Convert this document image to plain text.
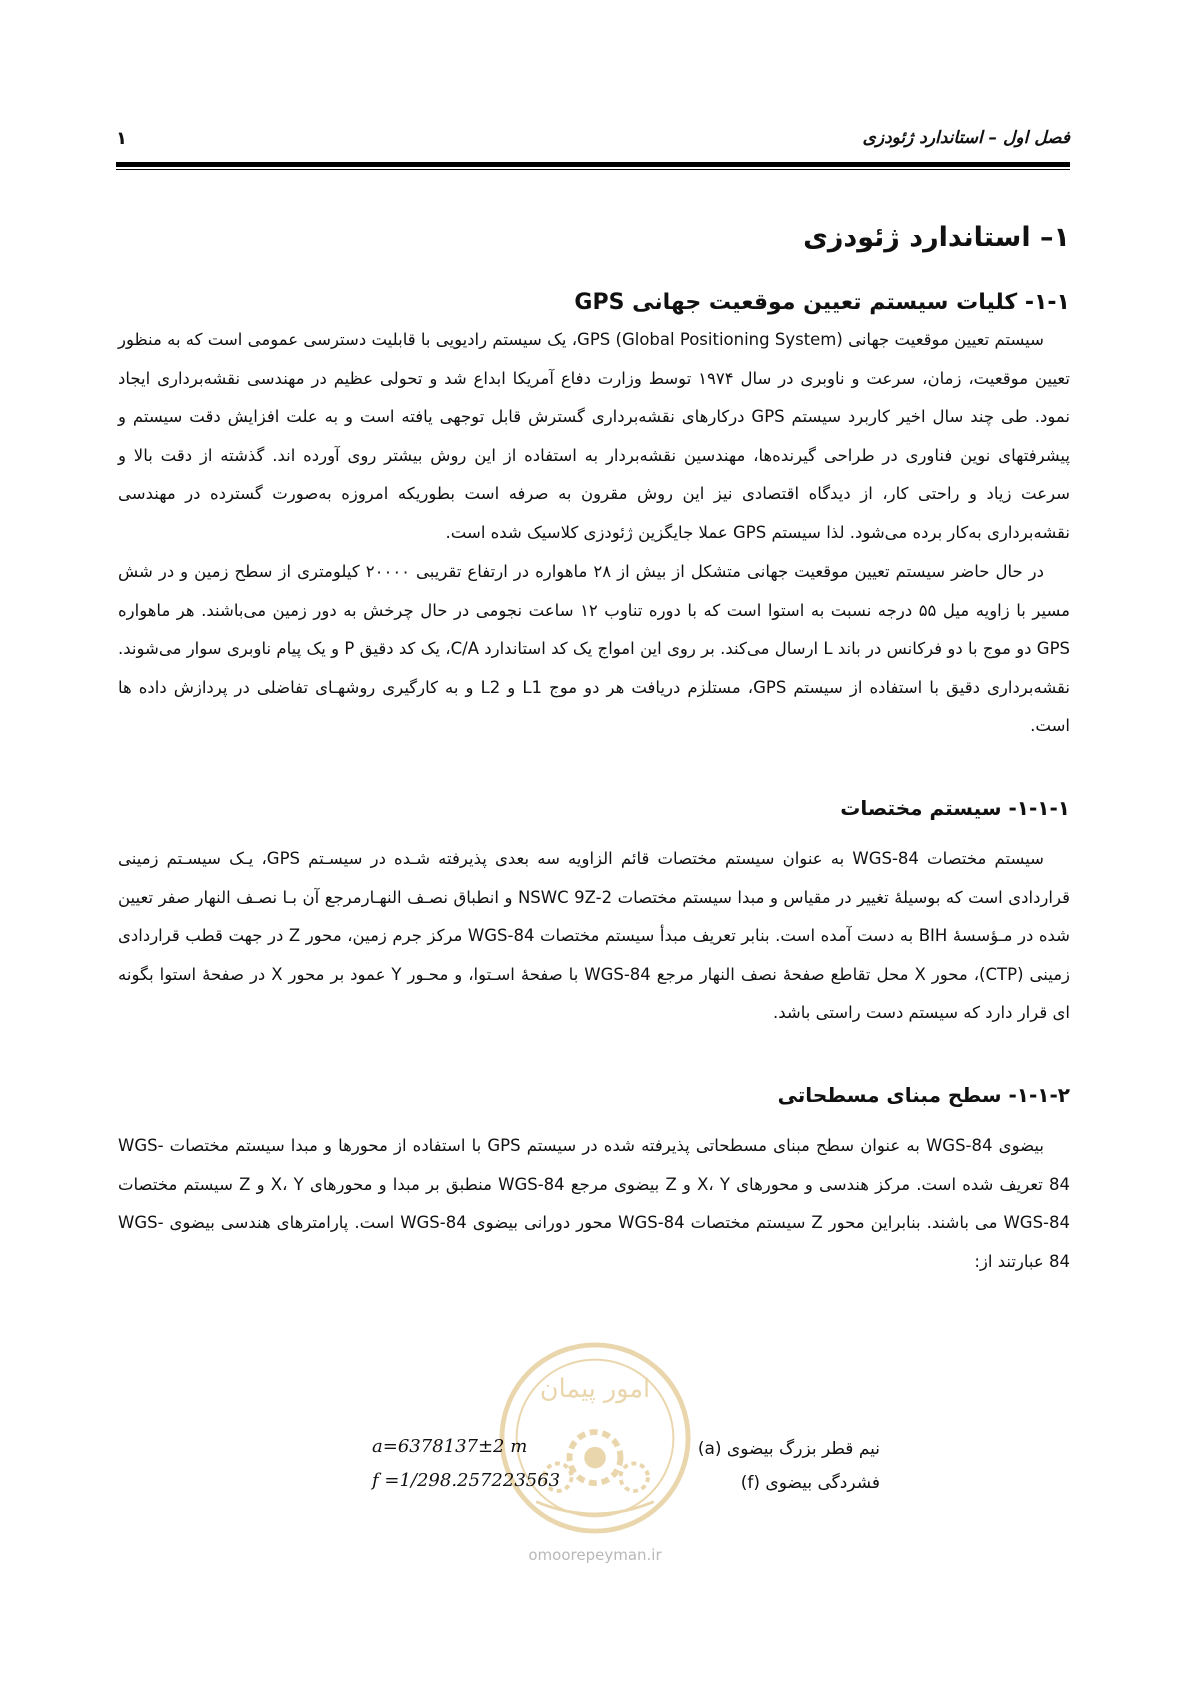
فصل اول – استاندارد ژئودزی
۱
۱– استاندارد ژئودزی
۱-۱- کلیات سیستم تعیین موقعیت جهانی GPS

سیستم تعیین موقعیت جهانی GPS (Global Positioning System)، یک سیستم رادیویی با قابلیت دسترسی عمومی است که به منظور تعیین موقعیت، زمان، سرعت و ناوبری در سال ۱۹۷۴ توسط وزارت دفاع آمریکا ابداع شد و تحولی عظیم در مهندسی نقشه‌برداری ایجاد نمود. طی چند سال اخیر کاربرد سیستم GPS درکارهای نقشه‌برداری گسترش قابل توجهی یافته است و به علت افزایش دقت سیستم و پیشرفتهای نوین فناوری در طراحی گیرنده‌ها، مهندسین نقشه‌بردار به استفاده از این روش بیشتر روی آورده اند. گذشته از دقت بالا و سرعت زیاد و راحتی کار، از دیدگاه اقتصادی نیز این روش مقرون به صرفه است بطوریکه امروزه به‌صورت گسترده در مهندسی نقشه‌برداری به‌کار برده می‌شود. لذا سیستم GPS عملا جایگزین ژئودزی کلاسیک شده است.

در حال حاضر سیستم تعیین موقعیت جهانی متشکل از بیش از ۲۸ ماهواره در ارتفاع تقریبی ۲۰۰۰۰ کیلومتری از سطح زمین و در شش مسیر با زاویه میل ۵۵ درجه نسبت به استوا است که با دوره تناوب ۱۲ ساعت نجومی در حال چرخش به دور زمین می‌باشند. هر ماهواره GPS دو موج با دو فرکانس در باند L ارسال می‌کند. بر روی این امواج یک کد استاندارد C/A، یک کد دقیق P و یک پیام ناوبری سوار می‌شوند. نقشه‌برداری دقیق با استفاده از سیستم GPS، مستلزم دریافت هر دو موج L1 و L2 و به کارگیری روشهـای تفاضلی در پردازش داده ها است.

۱-۱-۱- سیستم مختصات

سیستم مختصات WGS-84 به عنوان سیستم مختصات قائم الزاویه سه بعدی پذیرفته شـده در سیسـتم GPS، یـک سیسـتم زمینی قراردادی است که بوسیلهٔ تغییر در مقیاس و مبدا سیستم مختصات NSWC 9Z-2 و انطباق نصـف النهـارمرجع آن بـا نصـف النهار صفر تعیین شده در مـؤسسهٔ BIH به دست آمده است. بنابر تعریف مبدأ سیستم مختصات WGS-84 مرکز جرم زمین، محور Z در جهت قطب قراردادی زمینی (CTP)، محور X محل تقاطع صفحهٔ نصف النهار مرجع WGS-84 با صفحهٔ اسـتوا، و محـور Y عمود بر محور X در صفحهٔ استوا بگونه ای قرار دارد که سیستم دست راستی باشد.

۱-۱-۲- سطح مبنای مسطحاتی

بیضوی WGS-84 به عنوان سطح مبنای مسطحاتی پذیرفته شده در سیستم GPS با استفاده از محورها و مبدا سیستم مختصات WGS-84 تعریف شده است. مرکز هندسی و محورهای X، Y و Z بیضوی مرجع WGS-84 منطبق بر مبدا و محورهای X، Y و Z سیستم مختصات WGS-84 می باشند. بنابراین محور Z سیستم مختصات WGS-84 محور دورانی بیضوی WGS-84 است. پارامترهای هندسی بیضوی WGS-84 عبارتند از:

امور پیمان
omoorepeyman.ir
نیم قطر بزرگ بیضوی (a)
a=6378137±2 m
فشردگی بیضوی (f)
f =1/298.257223563
